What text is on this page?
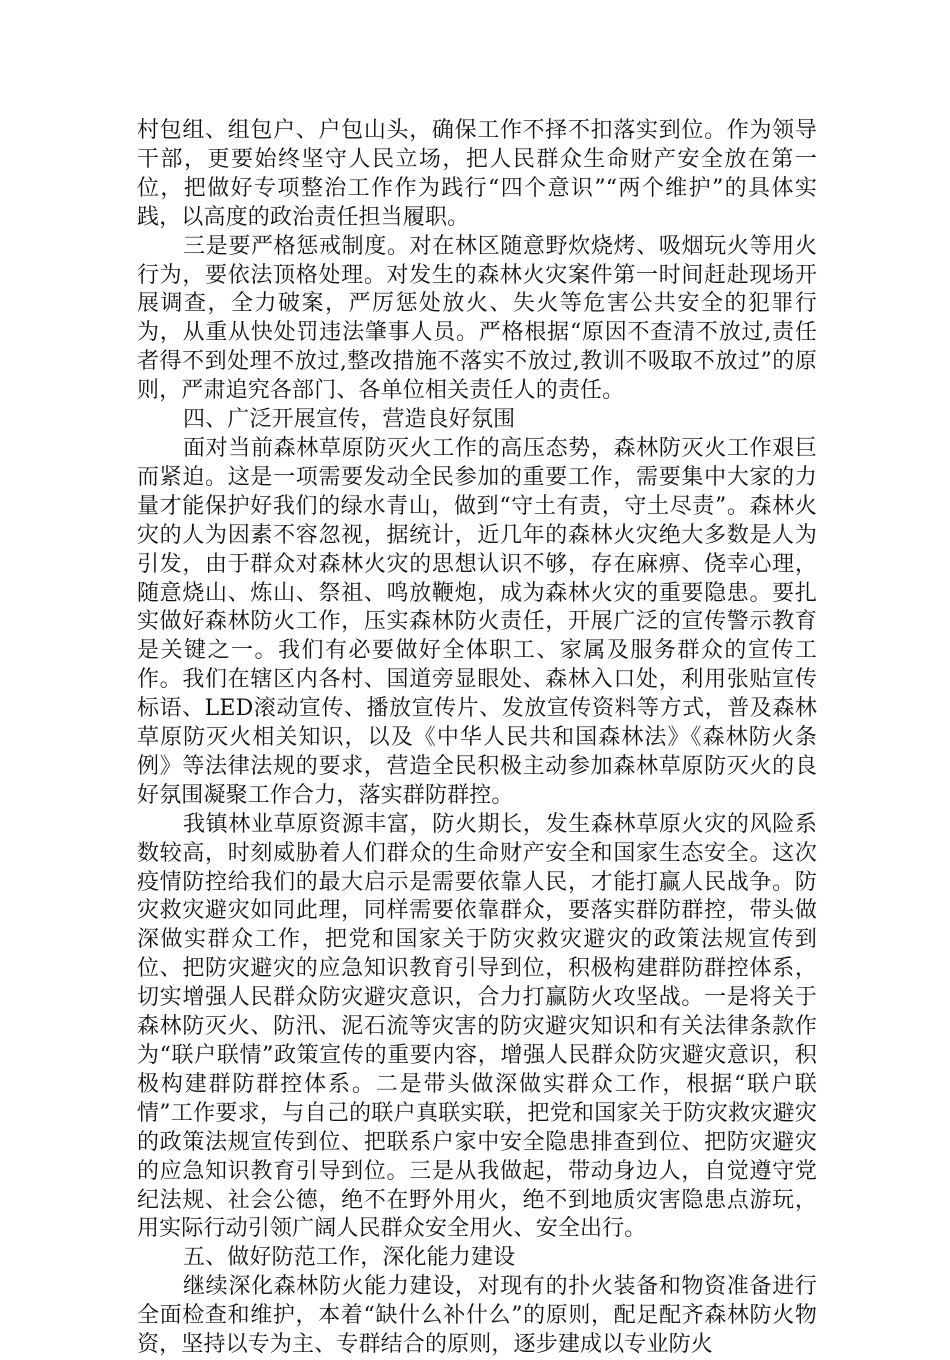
村包组、组包户、户包山头，确保工作不择不扣落实到位。作为领导干部，更要始终坚守人民立场，把人民群众生命财产安全放在第一位，把做好专项整治工作作为践行“四个意识”“两个维护”的具体实践，以高度的政治责任担当履职。

三是要严格惩戒制度。对在林区随意野炊烧烤、吸烟玩火等用火行为，要依法顶格处理。对发生的森林火灾案件第一时间赶赴现场开展调查，全力破案，严厉惩处放火、失火等危害公共安全的犯罪行为，从重从快处罚违法肇事人员。严格根据“原因不查清不放过,责任者得不到处理不放过,整改措施不落实不放过,教训不吸取不放过”的原则，严肃追究各部门、各单位相关责任人的责任。

四、广泛开展宣传，营造良好氛围

面对当前森林草原防灭火工作的高压态势，森林防灭火工作艰巨而紧迫。这是一项需要发动全民参加的重要工作，需要集中大家的力量才能保护好我们的绿水青山，做到“守土有责，守土尽责”。森林火灾的人为因素不容忽视，据统计，近几年的森林火灾绝大多数是人为引发，由于群众对森林火灾的思想认识不够，存在麻痹、侥幸心理，随意烧山、炼山、祭祖、鸣放鞭炮，成为森林火灾的重要隐患。要扎实做好森林防火工作，压实森林防火责任，开展广泛的宣传警示教育是关键之一。我们有必要做好全体职工、家属及服务群众的宣传工作。我们在辖区内各村、国道旁显眼处、森林入口处，利用张贴宣传标语、LED滚动宣传、播放宣传片、发放宣传资料等方式，普及森林草原防灭火相关知识，以及《中华人民共和国森林法》《森林防火条例》等法律法规的要求，营造全民积极主动参加森林草原防灭火的良好氛围凝聚工作合力，落实群防群控。

我镇林业草原资源丰富，防火期长，发生森林草原火灾的风险系数较高，时刻威胁着人们群众的生命财产安全和国家生态安全。这次疫情防控给我们的最大启示是需要依靠人民，才能打赢人民战争。防灾救灾避灾如同此理，同样需要依靠群众，要落实群防群控，带头做深做实群众工作，把党和国家关于防灾救灾避灾的政策法规宣传到位、把防灾避灾的应急知识教育引导到位，积极构建群防群控体系，切实增强人民群众防灾避灾意识，合力打赢防火攻坚战。一是将关于森林防灭火、防汛、泥石流等灾害的防灾避灾知识和有关法律条款作为“联户联情”政策宣传的重要内容，增强人民群众防灾避灾意识，积极构建群防群控体系。二是带头做深做实群众工作，根据“联户联情”工作要求，与自己的联户真联实联，把党和国家关于防灾救灾避灾的政策法规宣传到位、把联系户家中安全隐患排查到位、把防灾避灾的应急知识教育引导到位。三是从我做起，带动身边人，自觉遵守党纪法规、社会公德，绝不在野外用火，绝不到地质灾害隐患点游玩，用实际行动引领广阔人民群众安全用火、安全出行。

五、做好防范工作，深化能力建设

继续深化森林防火能力建设，对现有的扑火装备和物资准备进行全面检查和维护，本着“缺什么补什么”的原则，配足配齐森林防火物资，坚持以专为主、专群结合的原则，逐步建成以专业防火
